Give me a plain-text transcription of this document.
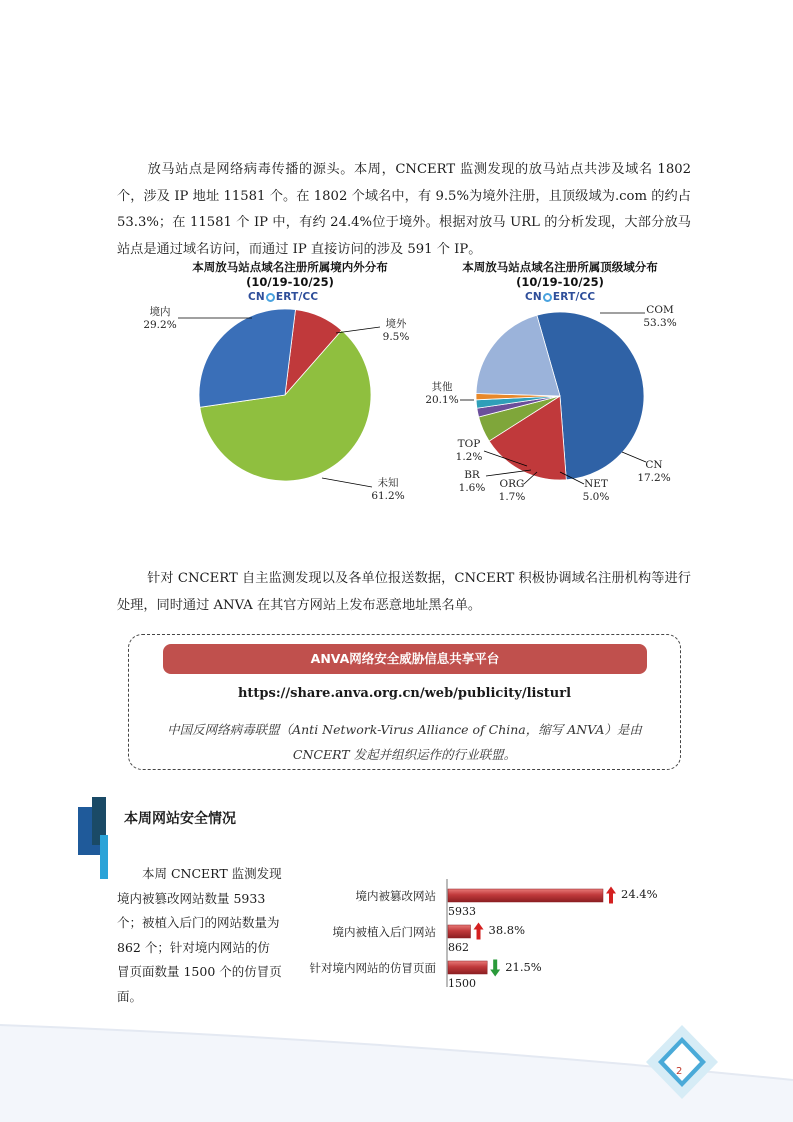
放马站点是网络病毒传播的源头。本周，CNCERT 监测发现的放马站点共涉及域名 1802 个，涉及 IP 地址 11581 个。在 1802 个域名中，有 9.5%为境外注册，且顶级域为.com 的约占 53.3%；在 11581 个 IP 中，有约 24.4%位于境外。根据对放马 URL 的分析发现，大部分放马站点是通过域名访问，而通过 IP 直接访问的涉及 591 个 IP。
本周放马站点域名注册所属境内外分布
(10/19-10/25)
CN ERT/CC
境内
29.2%	境外
9.5%
未知
61.2%
本周放马站点域名注册所属顶级域分布
(10/19-10/25)
CN ERT/CC
COM
53.3%
CN
17.2%
NET
5.0%
ORG
1.7%
BR
1.6%
TOP
1.2%
其他
20.1%
针对 CNCERT 自主监测发现以及各单位报送数据，CNCERT 积极协调域名注册机构等进行处理，同时通过 ANVA 在其官方网站上发布恶意地址黑名单。
ANVA网络安全威胁信息共享平台
https://share.anva.org.cn/web/publicity/listurl
中国反网络病毒联盟（Anti Network-Virus Alliance of China，缩写 ANVA）是由
CNCERT 发起并组织运作的行业联盟。
本周网站安全情况
本周 CNCERT 监测发现境内被篡改网站数量 5933 个；被植入后门的网站数量为 862 个；针对境内网站的仿冒页面数量 1500 个的仿冒页面。
境内被篡改网站
境内被植入后门网站
针对境内网站的仿冒页面
5933
862
1500
24.4%
38.8%
21.5%
2
